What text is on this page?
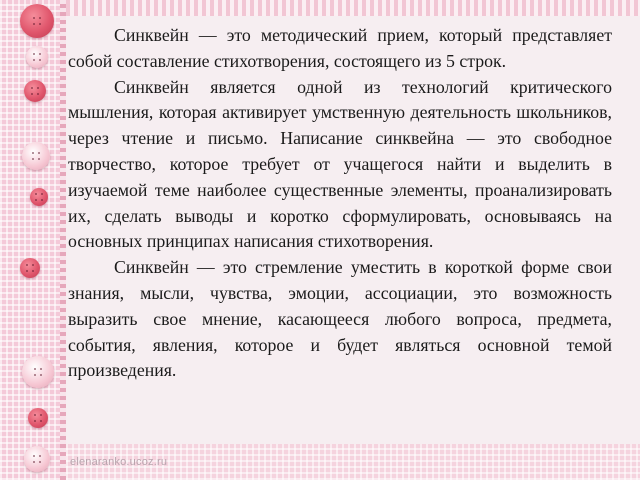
Синквейн — это методический прием, который представляет собой составление стихотворения, состоящего из 5 строк.

Синквейн является одной из технологий критического мышления, которая активирует умственную деятельность школьников, через чтение и письмо. Написание синквейна — это свободное творчество, которое требует от учащегося найти и выделить в изучаемой теме наиболее существенные элементы, проанализировать их, сделать выводы и коротко сформулировать, основываясь на основных принципах написания стихотворения.

Синквейн — это стремление уместить в короткой форме свои знания, мысли, чувства, эмоции, ассоциации, это возможность выразить свое мнение, касающееся любого вопроса, предмета, события, явления, которое и будет являться основной темой произведения.

elenaranko.ucoz.ru
